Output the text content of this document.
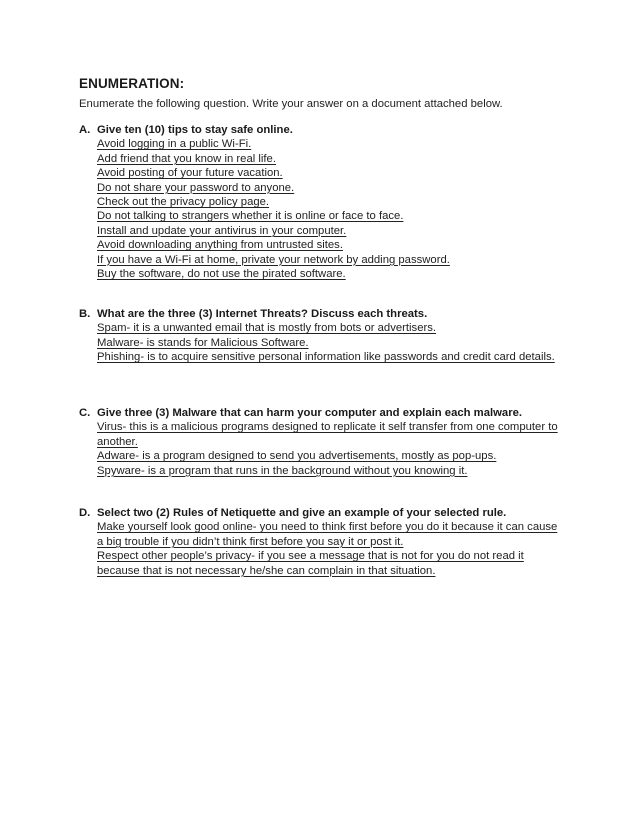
ENUMERATION:
Enumerate the following question. Write your answer on a document attached below.
A. Give ten (10) tips to stay safe online.
Avoid logging in a public Wi-Fi.
Add friend that you know in real life.
Avoid posting of your future vacation.
Do not share your password to anyone.
Check out the privacy policy page.
Do not talking to strangers whether it is online or face to face.
Install and update your antivirus in your computer.
Avoid downloading anything from untrusted sites.
If you have a Wi-Fi at home, private your network by adding password.
Buy the software, do not use the pirated software.
B. What are the three (3) Internet Threats? Discuss each threats.
Spam- it is a unwanted email that is mostly from bots or advertisers.
Malware- is stands for Malicious Software.
Phishing- is to acquire sensitive personal information like passwords and credit card details.
C. Give three (3) Malware that can harm your computer and explain each malware.
Virus- this is a malicious programs designed to replicate it self transfer from one computer to another.
Adware- is a program designed to send you advertisements, mostly as pop-ups.
Spyware- is a program that runs in the background without you knowing it.
D. Select two (2) Rules of Netiquette and give an example of your selected rule.
Make yourself look good online- you need to think first before you do it because it can cause a big trouble if you didn’t think first before you say it or post it.
Respect other people’s privacy- if you see a message that is not for you do not read it because that is not necessary he/she can complain in that situation.
